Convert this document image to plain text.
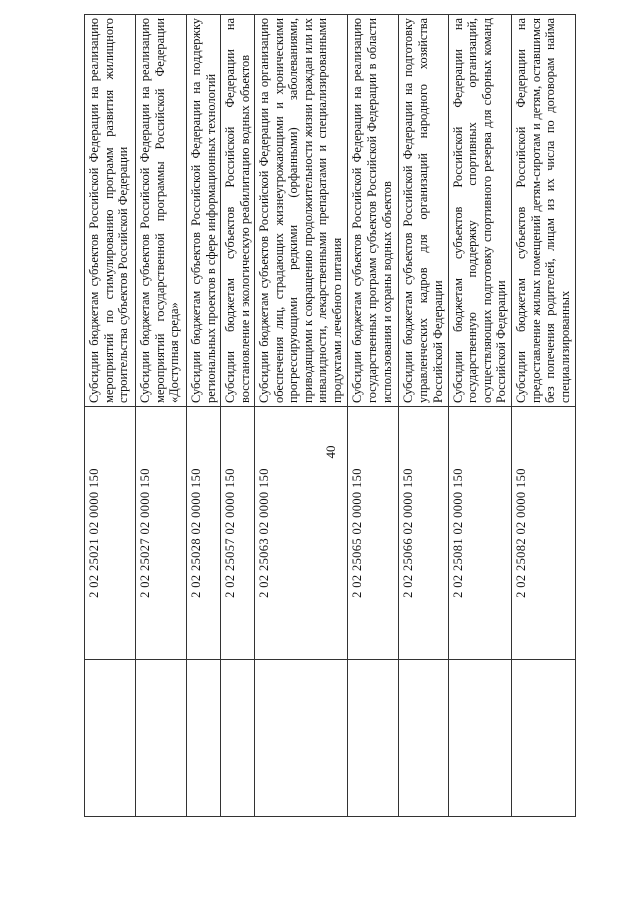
40
	2 02 25021 02 0000 150	Субсидии бюджетам субъектов Российской Федерации на реализацию мероприятий по стимулированию программ развития жилищного строительства субъектов Российской Федерации
	2 02 25027 02 0000 150	Субсидии бюджетам субъектов Российской Федерации на реализацию мероприятий государственной программы Российской Федерации «Доступная среда»
	2 02 25028 02 0000 150	Субсидии бюджетам субъектов Российской Федерации на поддержку региональных проектов в сфере информационных технологий
	2 02 25057 02 0000 150	Субсидии бюджетам субъектов Российской Федерации на восстановление и экологическую реабилитацию водных объектов
	2 02 25063 02 0000 150	Субсидии бюджетам субъектов Российской Федерации на организацию обеспечения лиц, страдающих жизнеугрожающими и хроническими прогрессирующими редкими (орфанными) заболеваниями, приводящими к сокращению продолжительности жизни граждан или их инвалидности, лекарственными препаратами и специализированными продуктами лечебного питания
	2 02 25065 02 0000 150	Субсидии бюджетам субъектов Российской Федерации на реализацию государственных программ субъектов Российской Федерации в области использования и охраны водных объектов
	2 02 25066 02 0000 150	Субсидии бюджетам субъектов Российской Федерации на подготовку управленческих кадров для организаций народного хозяйства Российской Федерации
	2 02 25081 02 0000 150	Субсидии бюджетам субъектов Российской Федерации на государственную поддержку спортивных организаций, осуществляющих подготовку спортивного резерва для сборных команд Российской Федерации
	2 02 25082 02 0000 150	Субсидии бюджетам субъектов Российской Федерации на предоставление жилых помещений детям-сиротам и детям, оставшимся без попечения родителей, лицам из их числа по договорам найма специализированных
